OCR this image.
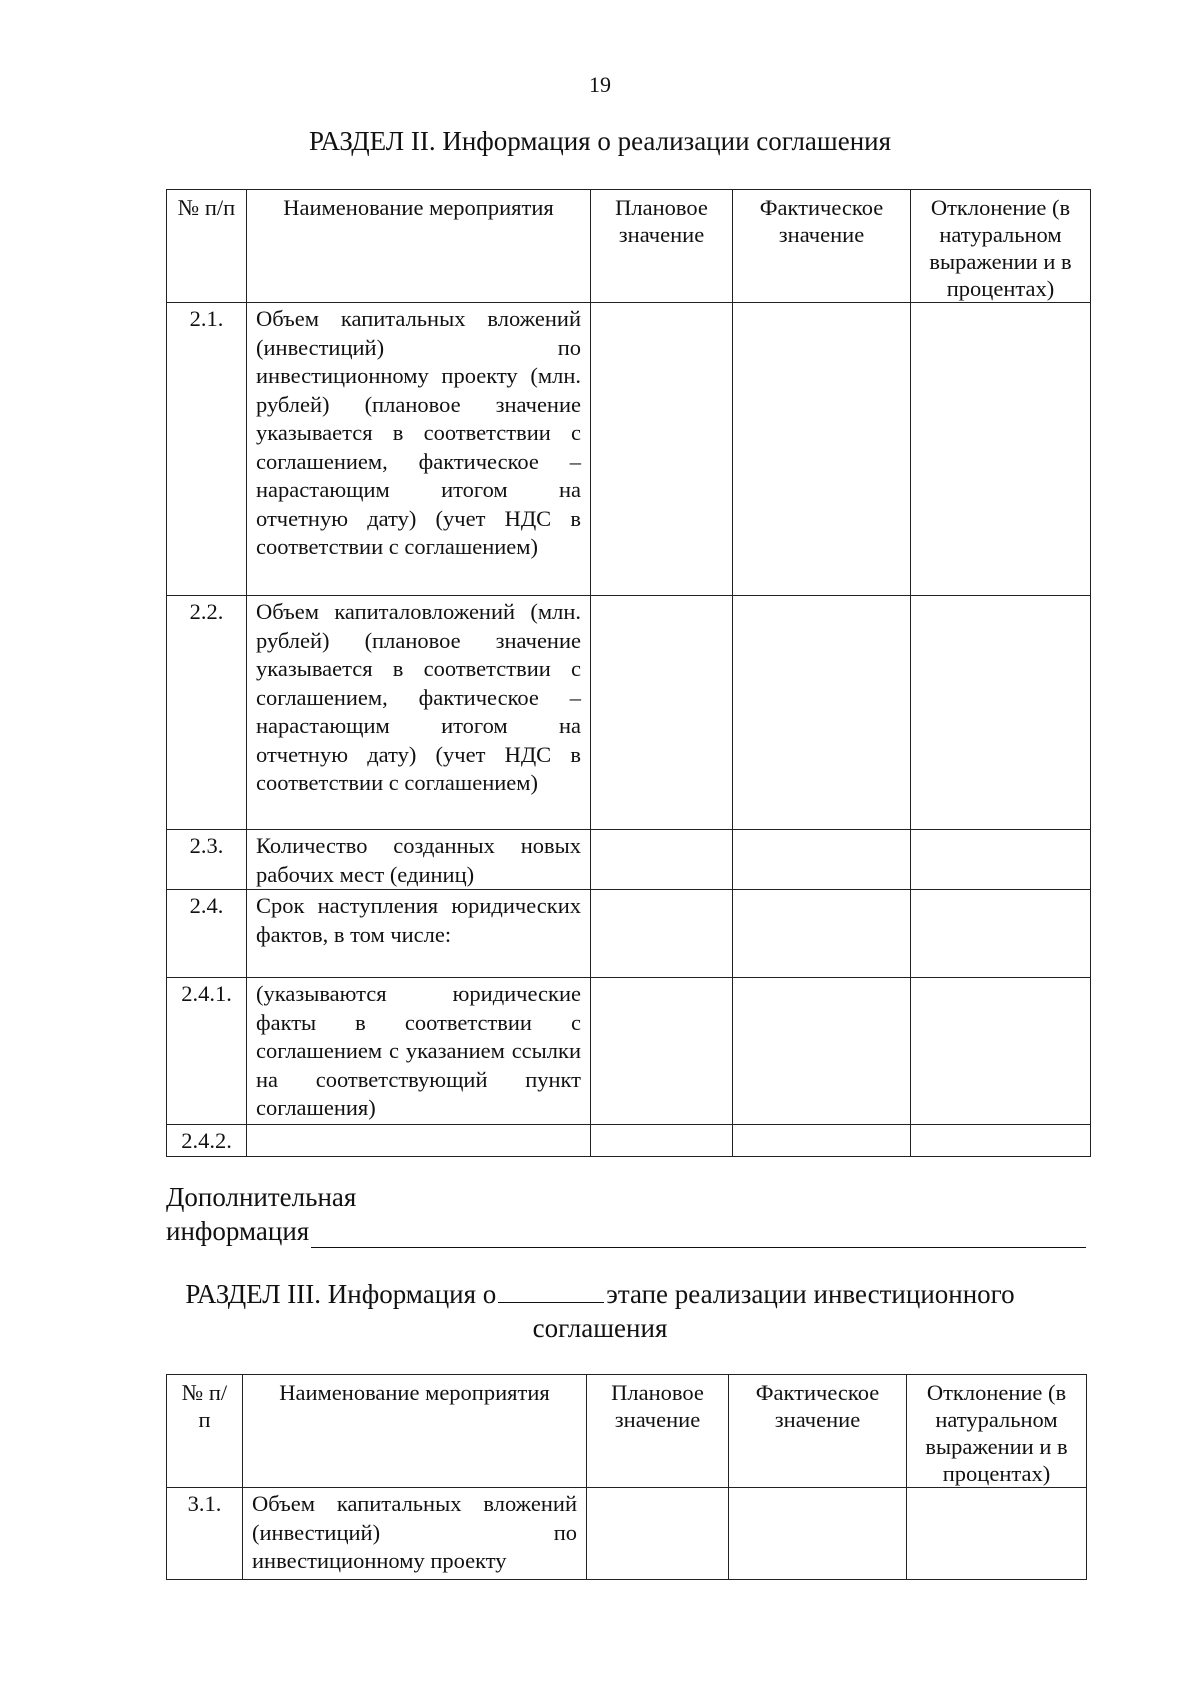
19
РАЗДЕЛ II. Информация о реализации соглашения
№ п/п	Наименование мероприятия	Плановое значение	Фактическое значение	Отклонение (в натуральном выражении и в процентах)
2.1.	Объем капитальных вложений (инвестиций) по инвестиционному проекту (млн. рублей) (плановое значение указывается в соответствии с соглашением, фактическое – нарастающим итогом на отчетную дату) (учет НДС в соответствии с соглашением)			
2.2.	Объем капиталовложений (млн. рублей) (плановое значение указывается в соответствии с соглашением, фактическое – нарастающим итогом на отчетную дату) (учет НДС в соответствии с соглашением)			
2.3.	Количество созданных новых рабочих мест (единиц)			
2.4.	Срок наступления юридических фактов, в том числе:			
2.4.1.	(указываются юридические факты в соответствии с соглашением с указанием ссылки на соответствующий пункт соглашения)			
2.4.2.				
Дополнительная
информация
РАЗДЕЛ III. Информация о	этапе реализации инвестиционного
соглашения
№ п/п	Наименование мероприятия	Плановое значение	Фактическое значение	Отклонение (в натуральном выражении и в процентах)
3.1.	Объем капитальных вложений (инвестиций) по инвестиционному проекту			
